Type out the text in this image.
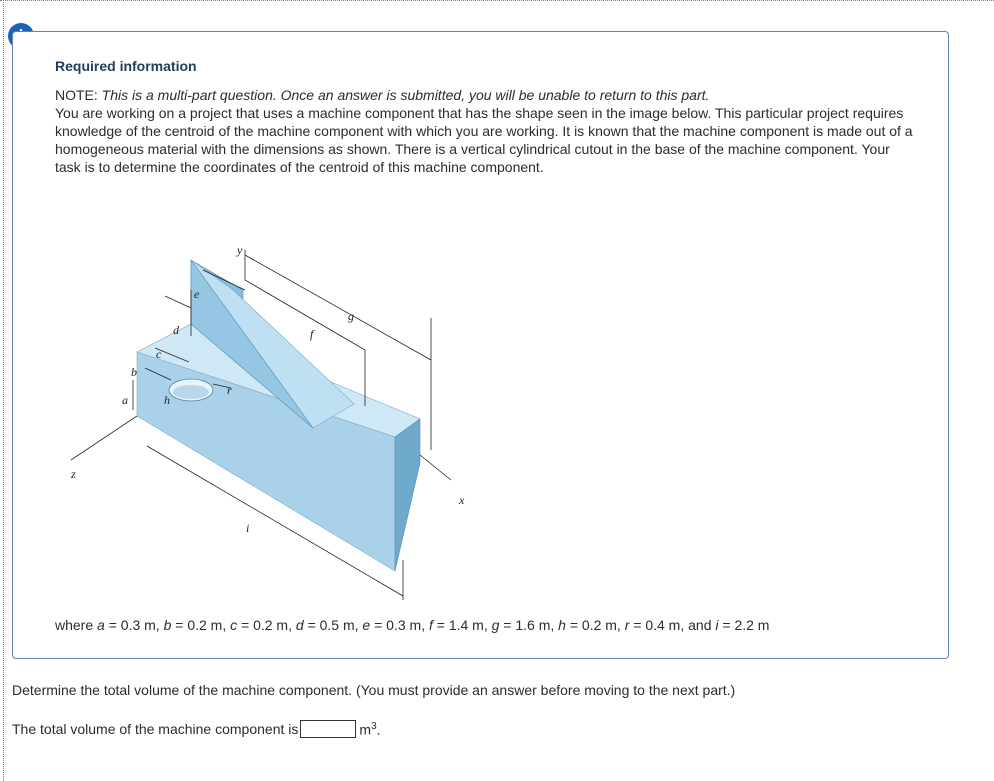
Required information
NOTE: This is a multi-part question. Once an answer is submitted, you will be unable to return to this part.
You are working on a project that uses a machine component that has the shape seen in the image below. This particular project requires knowledge of the centroid of the machine component with which you are working. It is known that the machine component is made out of a homogeneous material with the dimensions as shown. There is a vertical cylindrical cutout in the base of the machine component. Your task is to determine the coordinates of the centroid of this machine component.
y
x
z
e
d
c
b
a	h
r
f
g
i
where a = 0.3 m, b = 0.2 m, c = 0.2 m, d = 0.5 m, e = 0.3 m, f = 1.4 m, g = 1.6 m, h = 0.2 m, r = 0.4 m, and i = 2.2 m
Determine the total volume of the machine component. (You must provide an answer before moving to the next part.)
The total volume of the machine component is	$m^3$.
